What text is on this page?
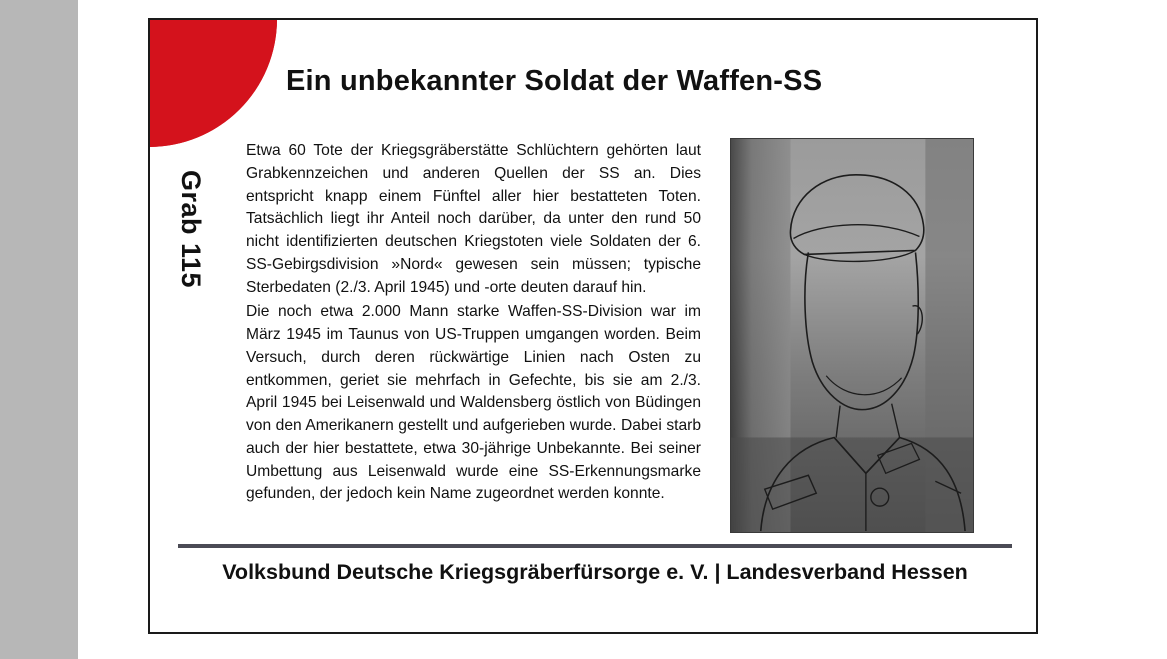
Ein unbekannter Soldat der Waffen-SS
Grab 115

Etwa 60 Tote der Kriegsgräberstätte Schlüchtern gehörten laut Grabkennzeichen und anderen Quellen der SS an. Dies entspricht knapp einem Fünftel aller hier bestatteten Toten. Tatsächlich liegt ihr Anteil noch darüber, da unter den rund 50 nicht identifizierten deutschen Kriegstoten viele Soldaten der 6. SS-Gebirgsdivision »Nord« gewesen sein müssen; typische Sterbedaten (2./3. April 1945) und -orte deuten darauf hin.

Die noch etwa 2.000 Mann starke Waffen-SS-Division war im März 1945 im Taunus von US-Truppen umgangen worden. Beim Versuch, durch deren rückwärtige Linien nach Osten zu entkommen, geriet sie mehrfach in Gefechte, bis sie am 2./3. April 1945 bei Leisenwald und Waldensberg östlich von Büdingen von den Amerikanern gestellt und aufgerieben wurde. Dabei starb auch der hier bestattete, etwa 30-jährige Unbekannte. Bei seiner Umbettung aus Leisenwald wurde eine SS-Erkennungsmarke gefunden, der jedoch kein Name zugeordnet werden konnte.

Volksbund Deutsche Kriegsgräberfürsorge e. V. | Landesverband Hessen
